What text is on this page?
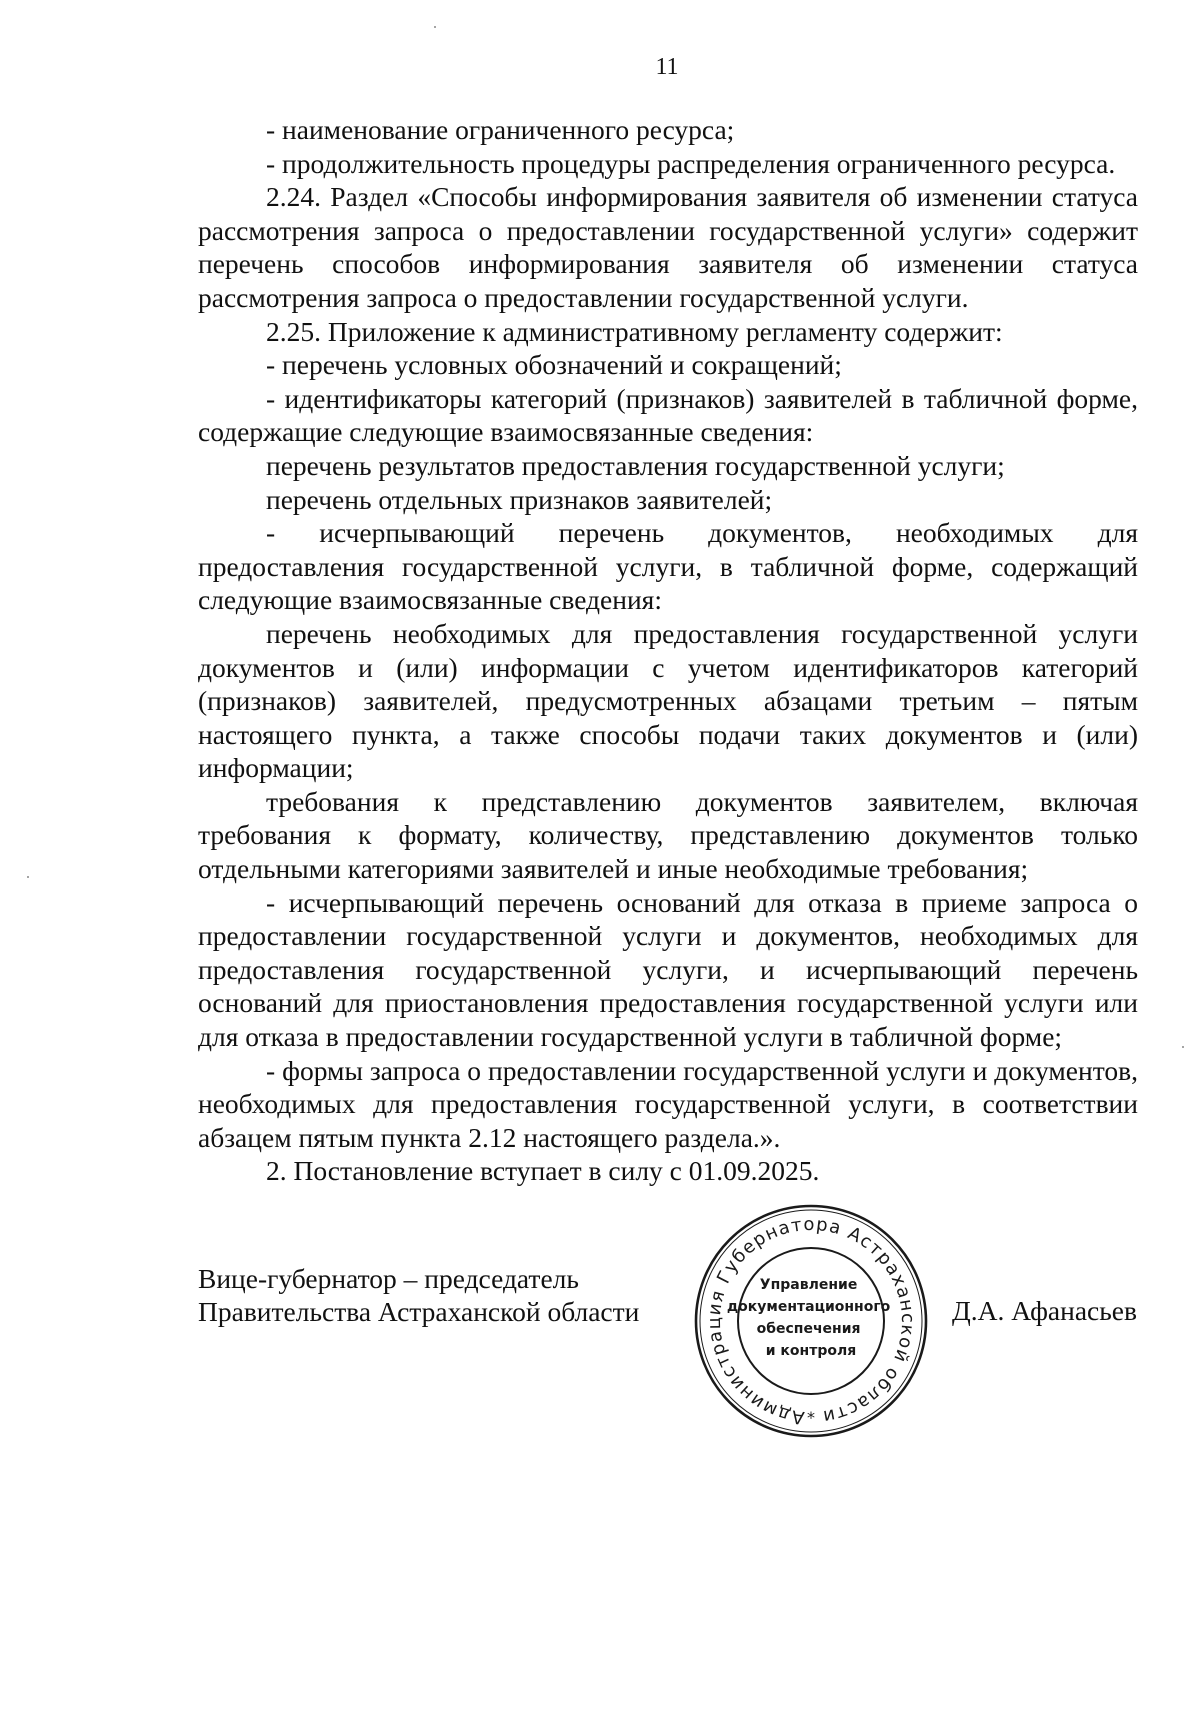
11

- наименование ограниченного ресурса;

- продолжительность процедуры распределения ограниченного ресурса.

2.24. Раздел «Способы информирования заявителя об изменении статуса рассмотрения запроса о предоставлении государственной услуги» содержит перечень способов информирования заявителя об изменении статуса рассмотрения запроса о предоставлении государственной услуги.

2.25. Приложение к административному регламенту содержит:

- перечень условных обозначений и сокращений;

- идентификаторы категорий (признаков) заявителей в табличной форме, содержащие следующие взаимосвязанные сведения:

перечень результатов предоставления государственной услуги;

перечень отдельных признаков заявителей;

- исчерпывающий перечень документов, необходимых для предоставления государственной услуги, в табличной форме, содержащий следующие взаимосвязанные сведения:

перечень необходимых для предоставления государственной услуги документов и (или) информации с учетом идентификаторов категорий (признаков) заявителей, предусмотренных абзацами третьим – пятым настоящего пункта, а также способы подачи таких документов и (или) информации;

требования к представлению документов заявителем, включая требования к формату, количеству, представлению документов только отдельными категориями заявителей и иные необходимые требования;

- исчерпывающий перечень оснований для отказа в приеме запроса о предоставлении государственной услуги и документов, необходимых для предоставления государственной услуги, и исчерпывающий перечень оснований для приостановления предоставления государственной услуги или для отказа в предоставлении государственной услуги в табличной форме;

- формы запроса о предоставлении государственной услуги и документов, необходимых для предоставления государственной услуги, в соответствии абзацем пятым пункта 2.12 настоящего раздела.».

2. Постановление вступает в силу с 01.09.2025.

Вице-губернатор – председатель
Правительства Астраханской области	Д.А. Афанасьев
Администрация Губернатора Астраханской области
*
Управление документационного обеспечения и контроля
